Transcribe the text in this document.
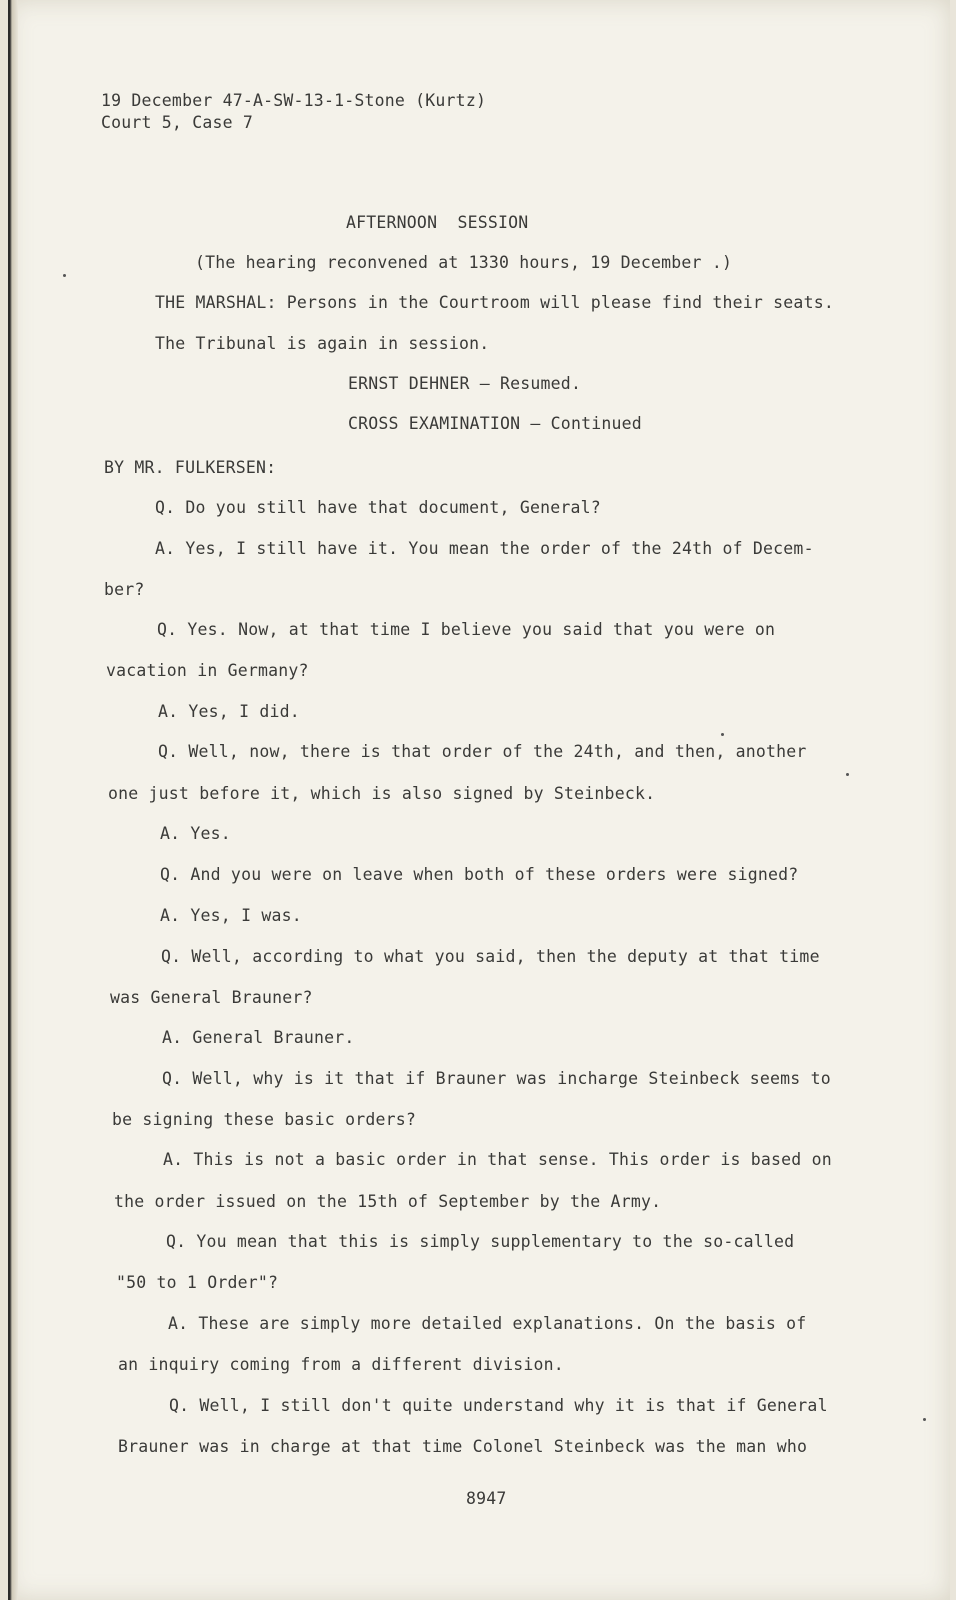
19 December 47-A-SW-13-1-Stone (Kurtz)
Court 5, Case 7
AFTERNOON  SESSION
(The hearing reconvened at 1330 hours, 19 December .)
THE MARSHAL: Persons in the Courtroom will please find their seats.
The Tribunal is again in session.
ERNST DEHNER — Resumed.
CROSS EXAMINATION — Continued
BY MR. FULKERSEN:
Q. Do you still have that document, General?
A. Yes, I still have it. You mean the order of the 24th of Decem-
ber?
Q. Yes. Now, at that time I believe you said that you were on
vacation in Germany?
A. Yes, I did.
Q. Well, now, there is that order of the 24th, and then, another
one just before it, which is also signed by Steinbeck.
A. Yes.
Q. And you were on leave when both of these orders were signed?
A. Yes, I was.
Q. Well, according to what you said, then the deputy at that time
was General Brauner?
A. General Brauner.
Q. Well, why is it that if Brauner was incharge Steinbeck seems to
be signing these basic orders?
A. This is not a basic order in that sense. This order is based on
the order issued on the 15th of September by the Army.
Q. You mean that this is simply supplementary to the so-called
"50 to 1 Order"?
A. These are simply more detailed explanations. On the basis of
an inquiry coming from a different division.
Q. Well, I still don't quite understand why it is that if General
Brauner was in charge at that time Colonel Steinbeck was the man who
8947
